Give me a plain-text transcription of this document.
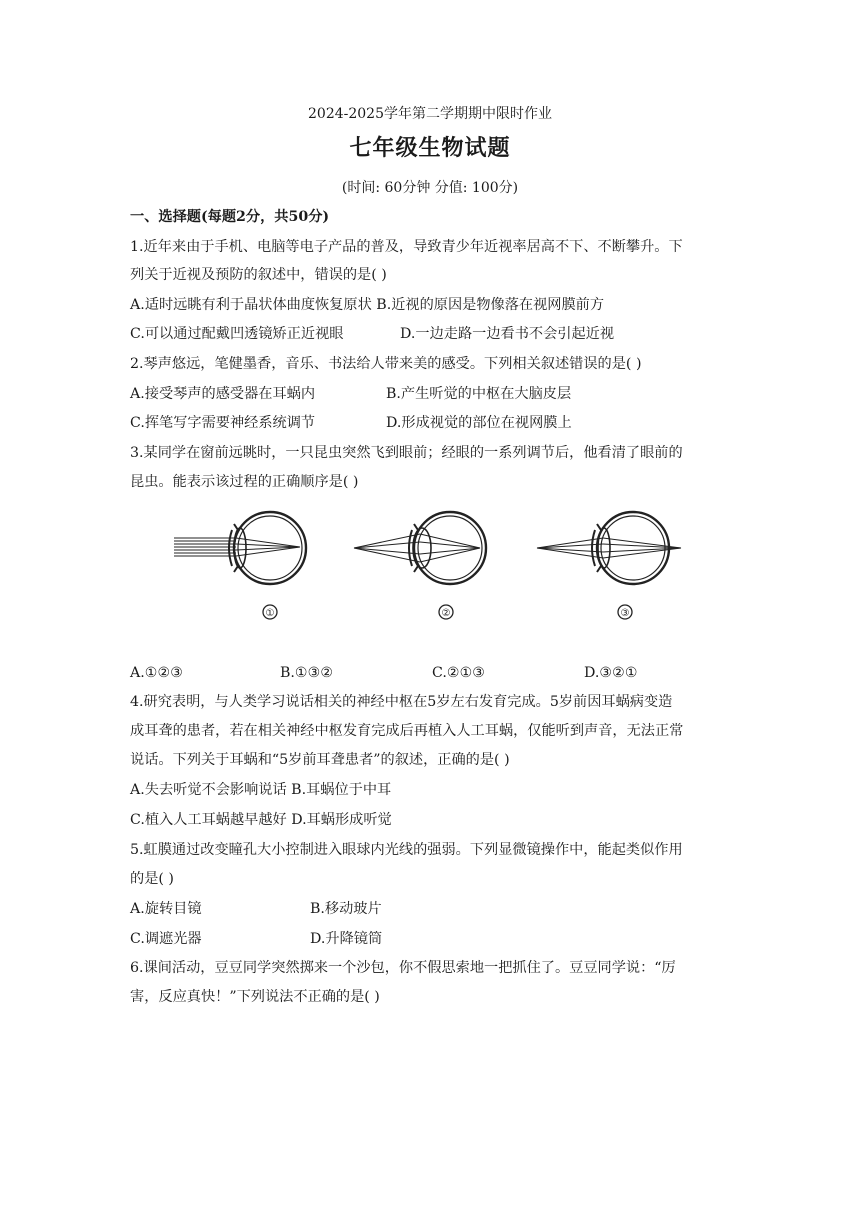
2024-2025学年第二学期期中限时作业
七年级生物试题
(时间: 60分钟 分值: 100分)
一、选择题(每题2分，共50分)
1.近年来由于手机、电脑等电子产品的普及，导致青少年近视率居高不下、不断攀升。下
列关于近视及预防的叙述中，错误的是( )
A.适时远眺有利于晶状体曲度恢复原状 B.近视的原因是物像落在视网膜前方
C.可以通过配戴凹透镜矫正近视眼	D.一边走路一边看书不会引起近视
2.琴声悠远，笔健墨香，音乐、书法给人带来美的感受。下列相关叙述错误的是( )
A.接受琴声的感受器在耳蜗内	B.产生听觉的中枢在大脑皮层
C.挥笔写字需要神经系统调节	D.形成视觉的部位在视网膜上
3.某同学在窗前远眺时，一只昆虫突然飞到眼前；经眼的一系列调节后，他看清了眼前的
昆虫。能表示该过程的正确顺序是( )
①	②	③
A.①②③	B.①③②	C.②①③	D.③②①
4.研究表明，与人类学习说话相关的神经中枢在5岁左右发育完成。5岁前因耳蜗病变造
成耳聋的患者，若在相关神经中枢发育完成后再植入人工耳蜗，仅能听到声音，无法正常
说话。下列关于耳蜗和“5岁前耳聋患者”的叙述，正确的是( )
A.失去听觉不会影响说话 B.耳蜗位于中耳
C.植入人工耳蜗越早越好 D.耳蜗形成听觉
5.虹膜通过改变瞳孔大小控制进入眼球内光线的强弱。下列显微镜操作中，能起类似作用
的是( )
A.旋转目镜	B.移动玻片
C.调遮光器	D.升降镜筒
6.课间活动，豆豆同学突然掷来一个沙包，你不假思索地一把抓住了。豆豆同学说：“厉
害，反应真快！”下列说法不正确的是( )
